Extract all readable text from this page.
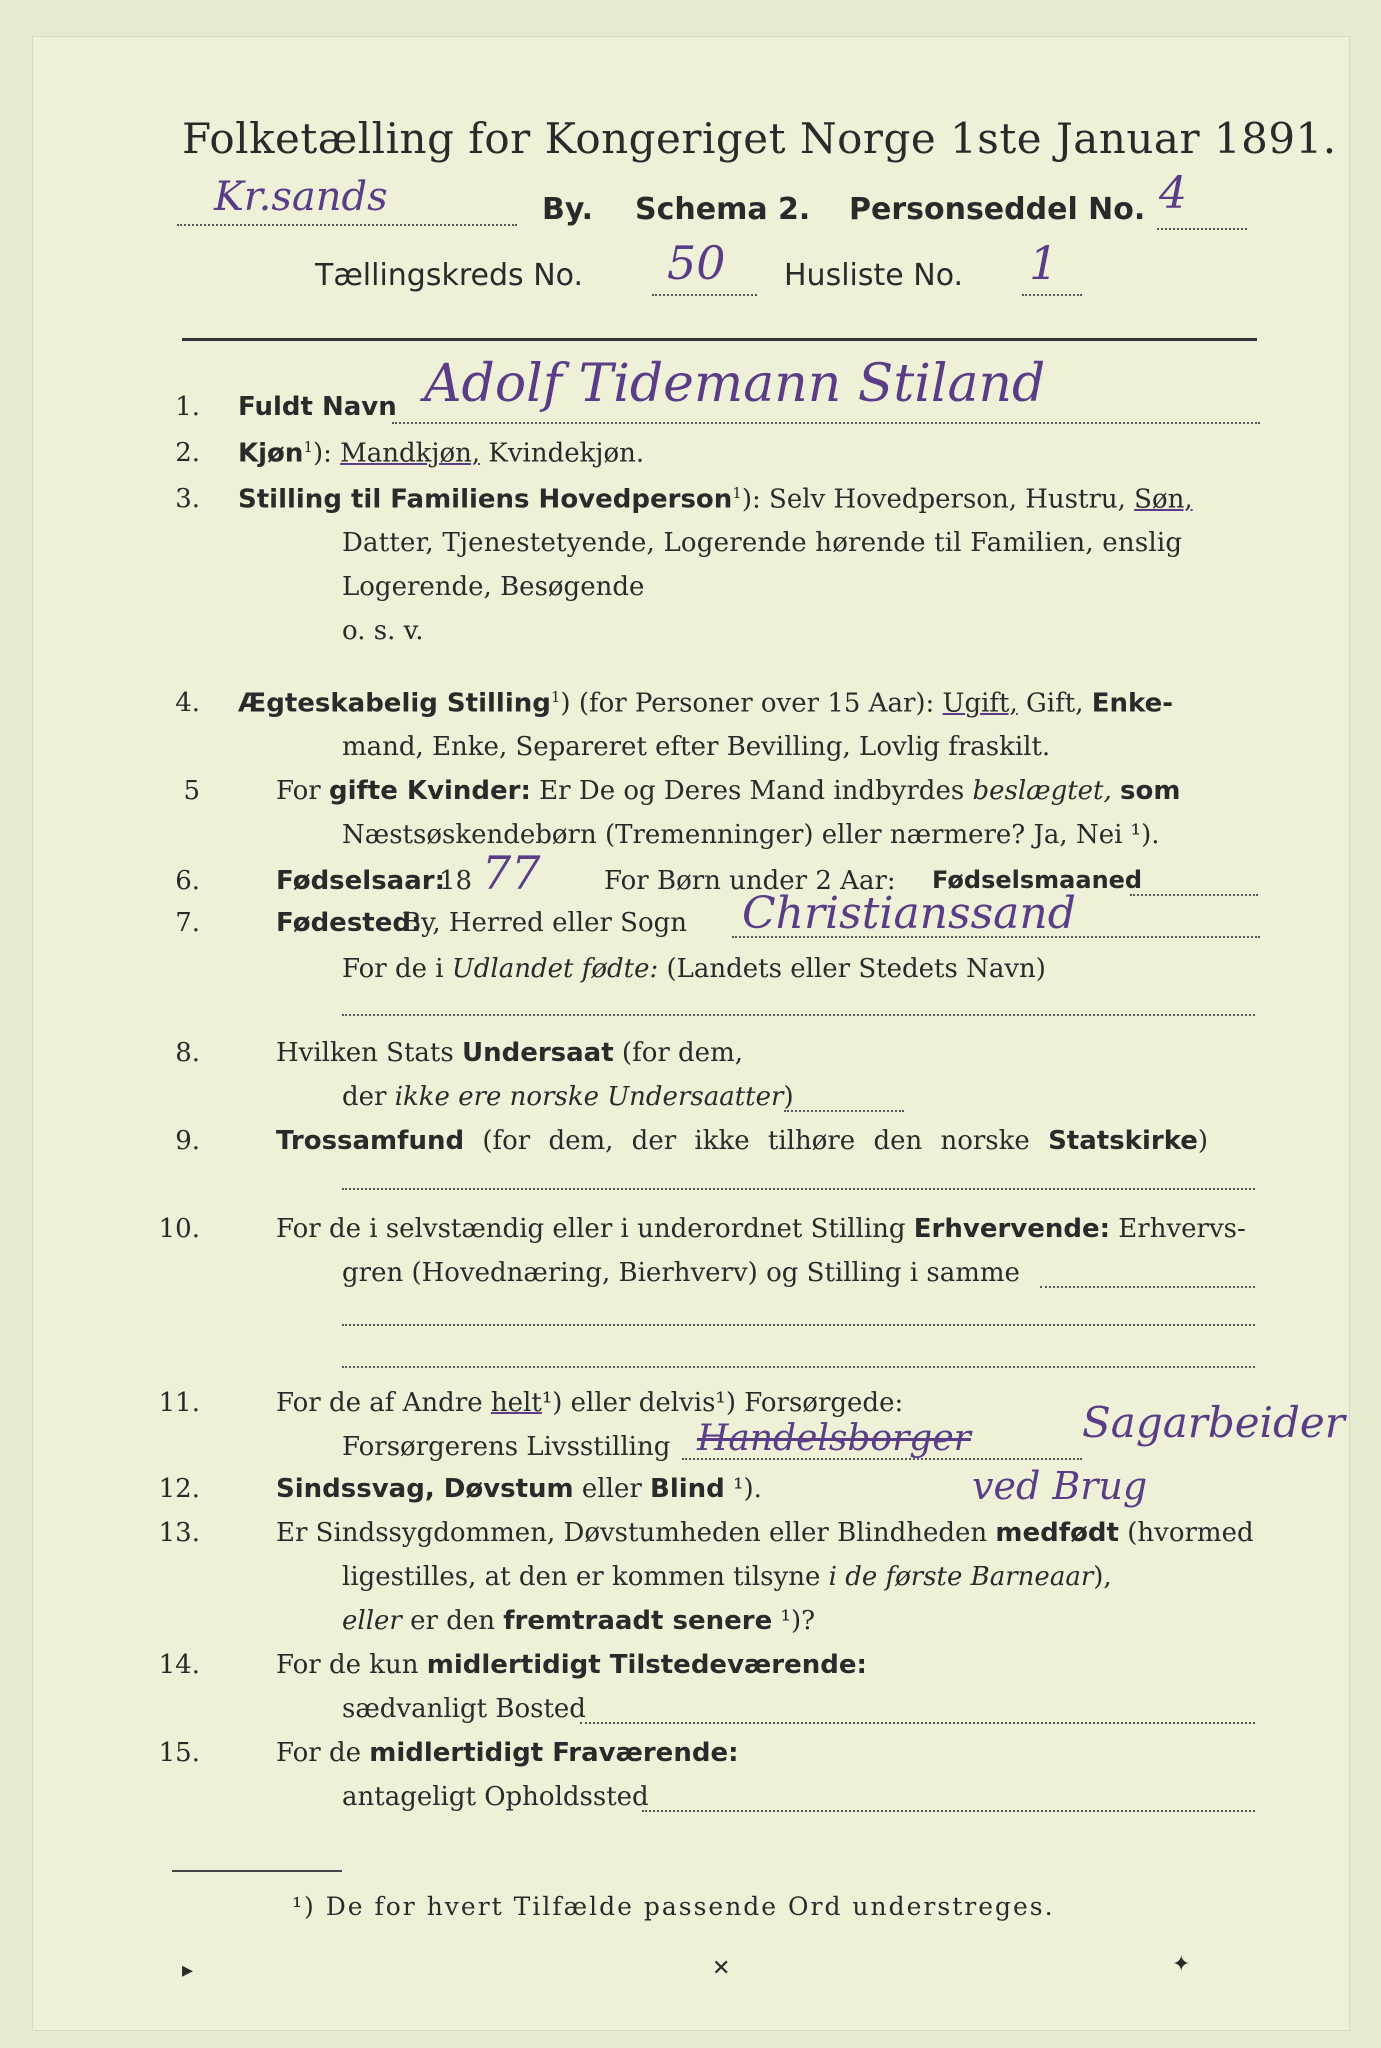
Folketælling for Kongeriget Norge 1ste Januar 1891.
Kr.sands	By. Schema 2. Personseddel No. 4
Tællingskreds No. 50 Husliste No. 1
1. Fuldt Navn Adolf Tidemann Stiland
2. Kjøn$^1$): Mandkjøn, Kvindekjøn.
3. Stilling til Familiens Hovedperson$^1$): Selv Hovedperson, Hustru, Søn,
Datter, Tjenestetyende, Logerende hørende til Familien, enslig
Logerende, Besøgende
o. s. v.
4. Ægteskabelig Stilling$^1$) (for Personer over 15 Aar): Ugift, Gift, Enke-
mand, Enke, Separeret efter Bevilling, Lovlig fraskilt.
5	For gifte Kvinder: Er De og Deres Mand indbyrdes beslægtet, som
Næstsøskendebørn (Tremenninger) eller nærmere? Ja, Nei ¹).
6.	Fødselsaar:
18 77 For Børn under 2 Aar: Fødselsmaaned
7.	Fødested:
By, Herred eller Sogn Christianssand
For de i Udlandet fødte: (Landets eller Stedets Navn)
8.	Hvilken Stats Undersaat (for dem,
der ikke ere norske Undersaatter)
9.	Trossamfund (for dem, der ikke tilhøre den norske Statskirke)
10.	For de i selvstændig eller i underordnet Stilling Erhvervende: Erhvervs-
gren (Hovednæring, Bierhverv) og Stilling i samme
11.	For de af Andre helt¹) eller delvis¹) Forsørgede:
Forsørgerens Livsstilling Handelsborger	Sagarbeider
ved Brug
12.	Sindssvag, Døvstum eller Blind ¹).
13.	Er Sindssygdommen, Døvstumheden eller Blindheden medfødt (hvormed
ligestilles, at den er kommen tilsyne i de første Barneaar),
eller er den fremtraadt senere ¹)?
14.	For de kun midlertidigt Tilstedeværende:
sædvanligt Bosted
15.	For de midlertidigt Fraværende:
antageligt Opholdssted
¹) De for hvert Tilfælde passende Ord understreges.
▸	✕	✦
